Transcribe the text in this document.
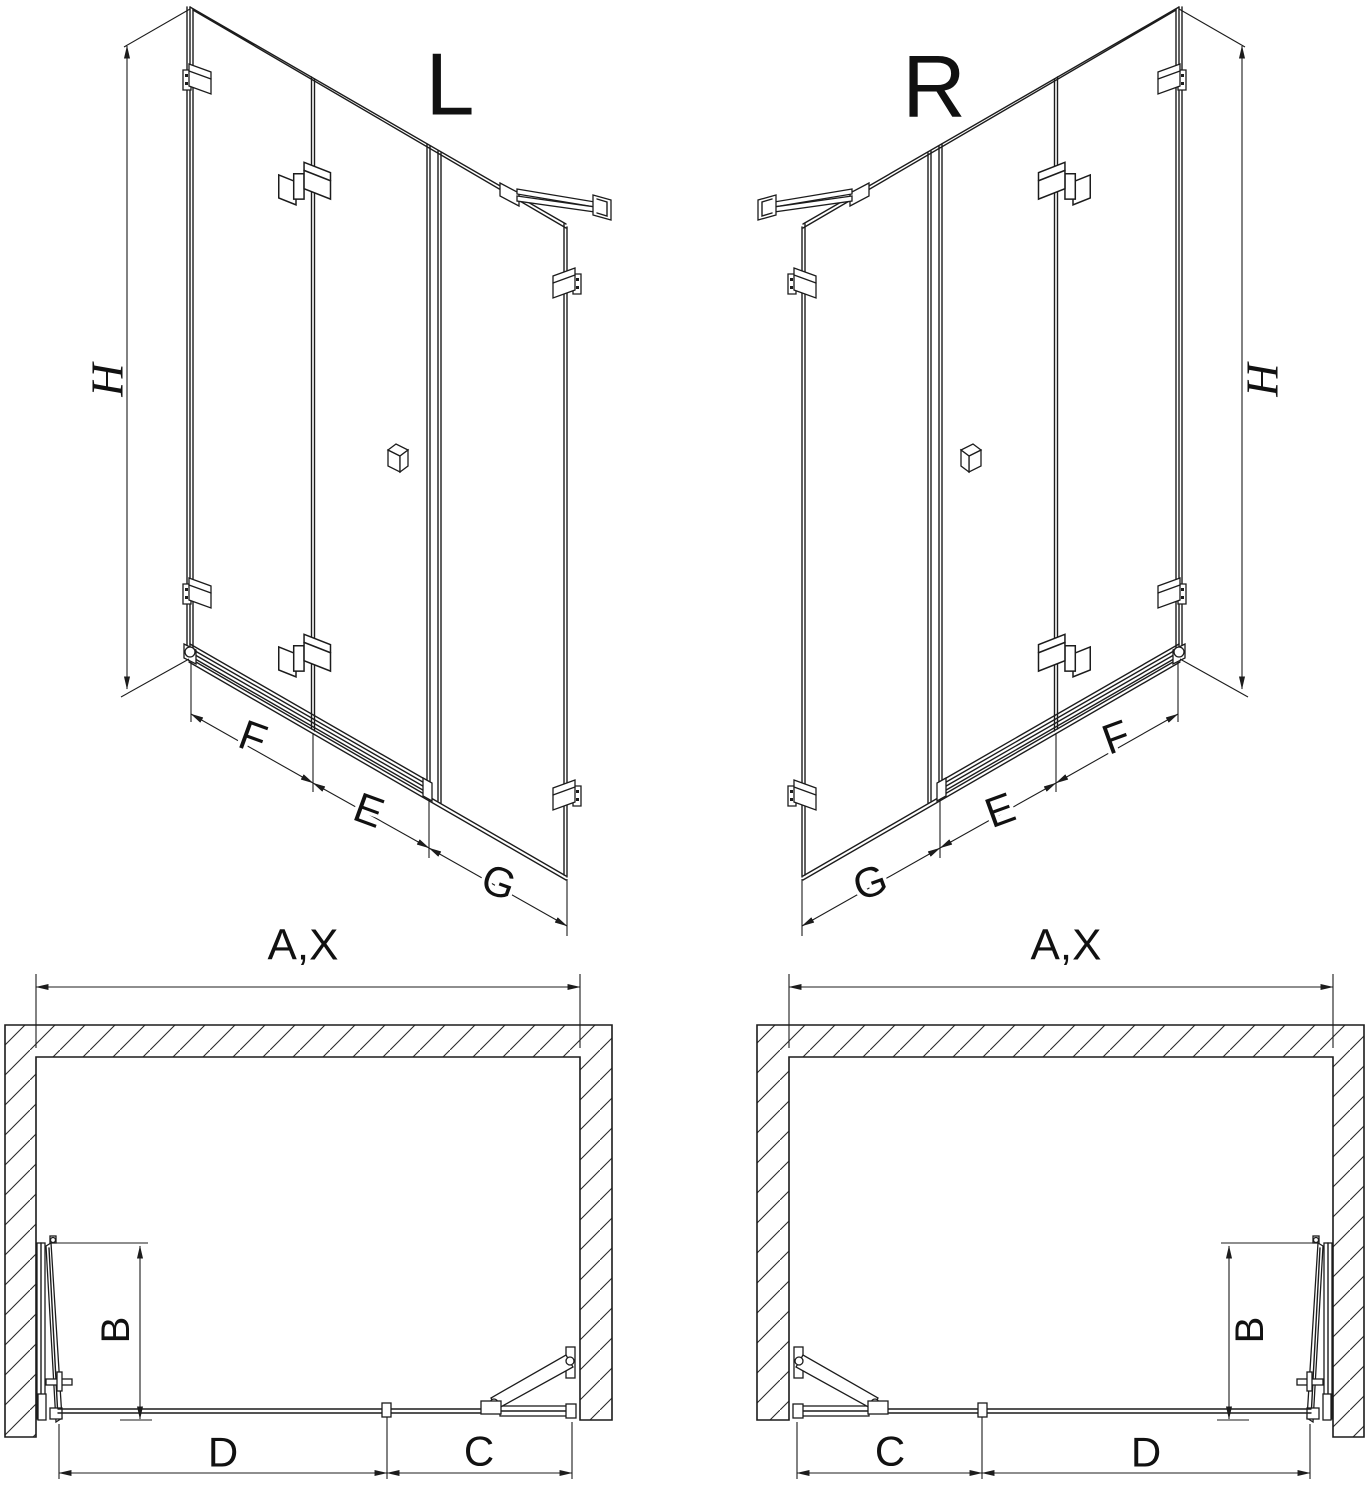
L	R
H	H
F
E
G	G
E
F
A,X	A,X
B	B
D	C	C	D
